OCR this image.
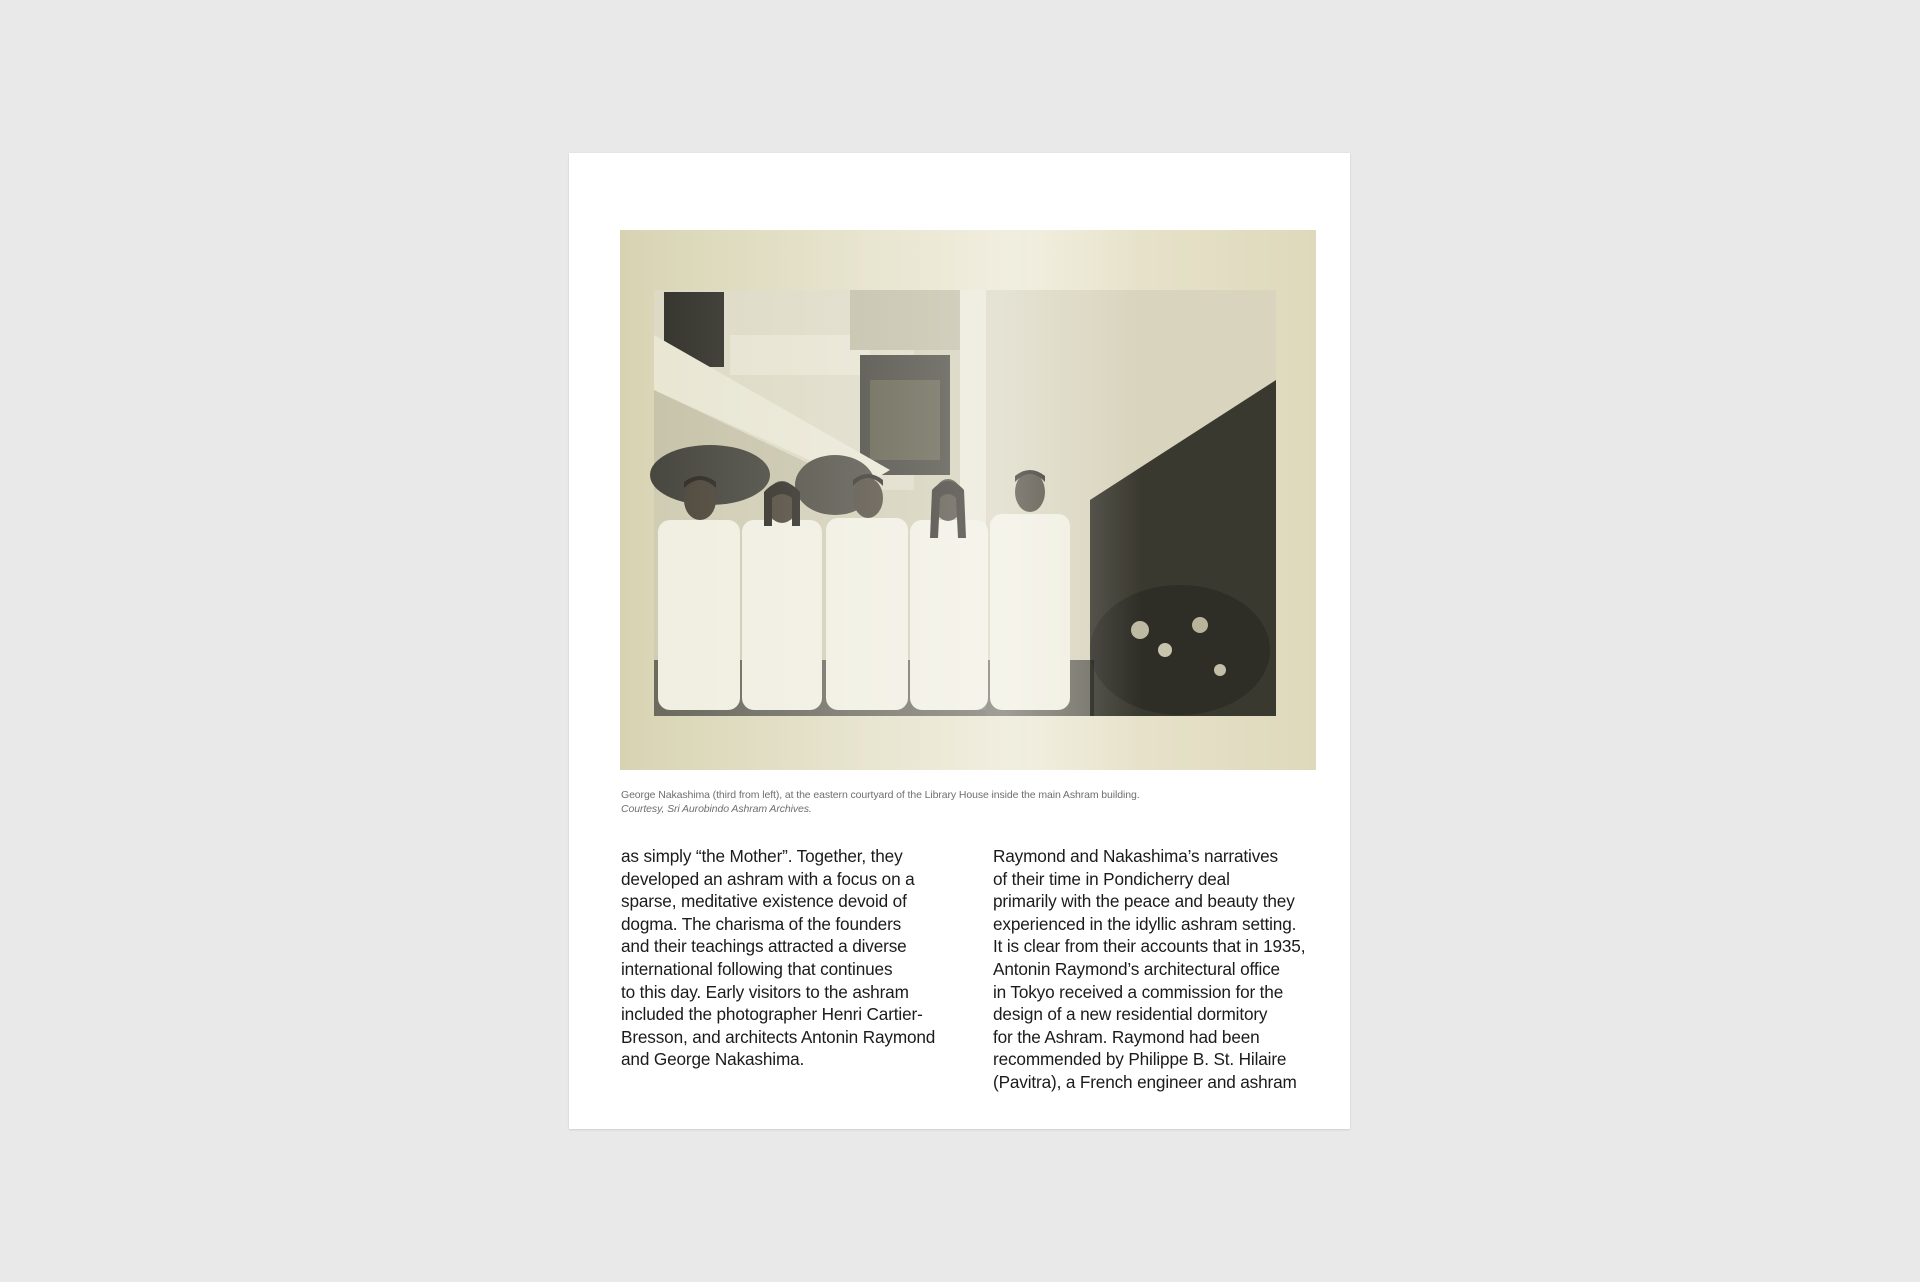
George Nakashima (third from left), at the eastern courtyard of the Library House inside the main Ashram building.
Courtesy, Sri Aurobindo Ashram Archives.

as simply “the Mother”. Together, they
developed an ashram with a focus on a
sparse, meditative existence devoid of
dogma. The charisma of the founders
and their teachings attracted a diverse
international following that continues
to this day. Early visitors to the ashram
included the photographer Henri Cartier-
Bresson, and architects Antonin Raymond
and George Nakashima.

Raymond and Nakashima’s narratives
of their time in Pondicherry deal
primarily with the peace and beauty they
experienced in the idyllic ashram setting.
It is clear from their accounts that in 1935,
Antonin Raymond’s architectural office
in Tokyo received a commission for the
design of a new residential dormitory
for the Ashram. Raymond had been
recommended by Philippe B. St. Hilaire
(Pavitra), a French engineer and ashram
